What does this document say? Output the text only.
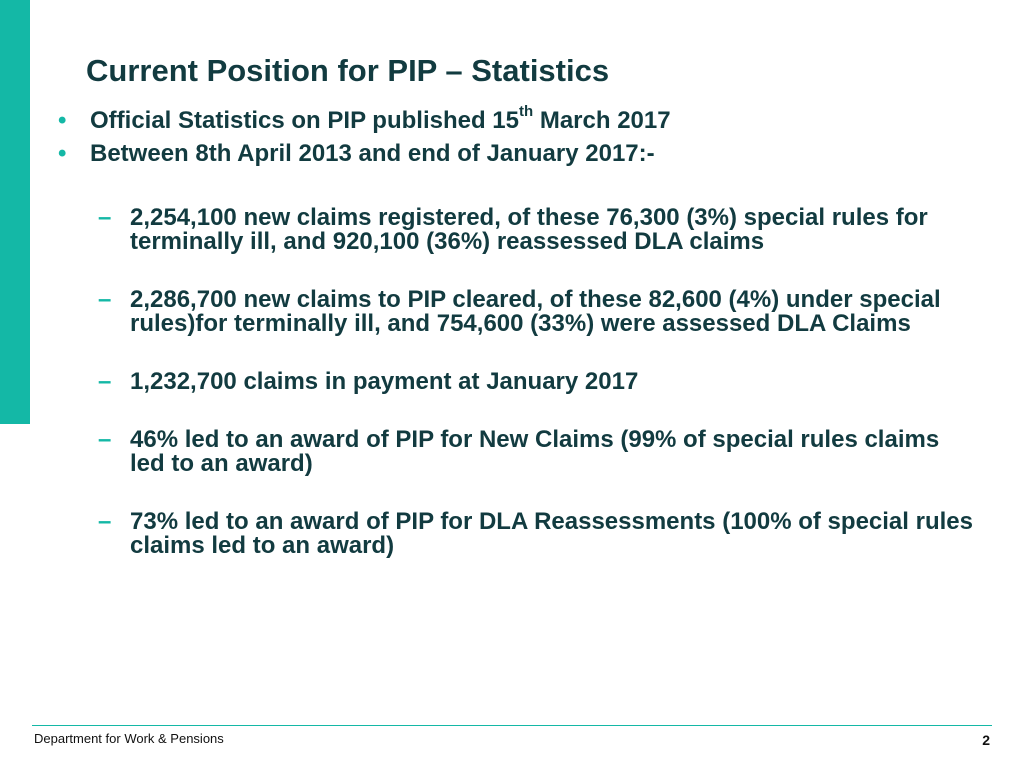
Current Position for PIP – Statistics
• Official Statistics on PIP published 15th March 2017
• Between 8th April 2013 and end of January 2017:-
– 2,254,100 new claims registered, of these 76,300 (3%) special rules for terminally ill, and 920,100 (36%) reassessed DLA claims
– 2,286,700 new claims to PIP cleared, of these 82,600 (4%) under special rules)for terminally ill, and 754,600 (33%) were assessed DLA Claims
– 1,232,700 claims in payment at January 2017
– 46% led to an award of PIP for New Claims (99% of special rules claims led to an award)
– 73% led to an award of PIP for DLA Reassessments (100% of special rules claims led to an award)
Department for Work & Pensions	2
